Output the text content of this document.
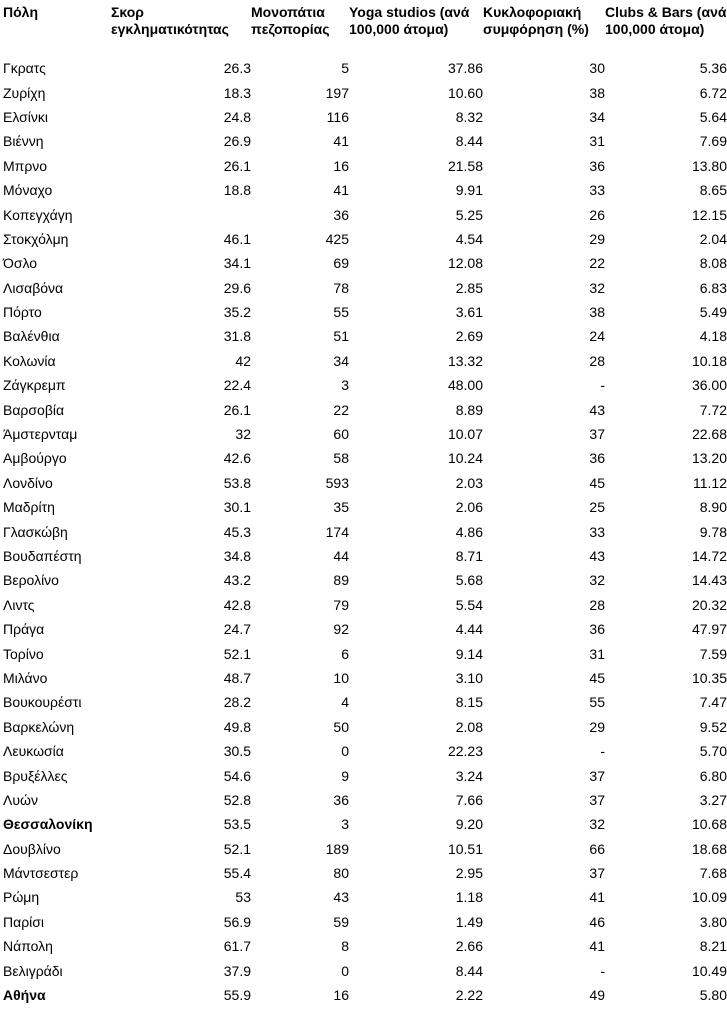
Πόλη	Σκορ εγκληματικότητας	Μονοπάτια πεζοπορίας	Yoga studios (ανά 100,000 άτομα)	Κυκλοφοριακή συμφόρηση (%)	Clubs & Bars (ανά 100,000 άτομα)
Γκρατς	26.3	5	37.86	30	5.36
Ζυρίχη	18.3	197	10.60	38	6.72
Ελσίνκι	24.8	116	8.32	34	5.64
Βιέννη	26.9	41	8.44	31	7.69
Μπρνο	26.1	16	21.58	36	13.80
Μόναχο	18.8	41	9.91	33	8.65
Κοπεγχάγη		36	5.25	26	12.15
Στοκχόλμη	46.1	425	4.54	29	2.04
Όσλο	34.1	69	12.08	22	8.08
Λισαβόνα	29.6	78	2.85	32	6.83
Πόρτο	35.2	55	3.61	38	5.49
Βαλένθια	31.8	51	2.69	24	4.18
Κολωνία	42	34	13.32	28	10.18
Ζάγκρεμπ	22.4	3	48.00	-	36.00
Βαρσοβία	26.1	22	8.89	43	7.72
Άμστερνταμ	32	60	10.07	37	22.68
Αμβούργο	42.6	58	10.24	36	13.20
Λονδίνο	53.8	593	2.03	45	11.12
Μαδρίτη	30.1	35	2.06	25	8.90
Γλασκώβη	45.3	174	4.86	33	9.78
Βουδαπέστη	34.8	44	8.71	43	14.72
Βερολίνο	43.2	89	5.68	32	14.43
Λιντς	42.8	79	5.54	28	20.32
Πράγα	24.7	92	4.44	36	47.97
Τορίνο	52.1	6	9.14	31	7.59
Μιλάνο	48.7	10	3.10	45	10.35
Βουκουρέστι	28.2	4	8.15	55	7.47
Βαρκελώνη	49.8	50	2.08	29	9.52
Λευκωσία	30.5	0	22.23	-	5.70
Βρυξέλλες	54.6	9	3.24	37	6.80
Λυών	52.8	36	7.66	37	3.27
Θεσσαλονίκη	53.5	3	9.20	32	10.68
Δουβλίνο	52.1	189	10.51	66	18.68
Μάντσεστερ	55.4	80	2.95	37	7.68
Ρώμη	53	43	1.18	41	10.09
Παρίσι	56.9	59	1.49	46	3.80
Νάπολη	61.7	8	2.66	41	8.21
Βελιγράδι	37.9	0	8.44	-	10.49
Αθήνα	55.9	16	2.22	49	5.80
